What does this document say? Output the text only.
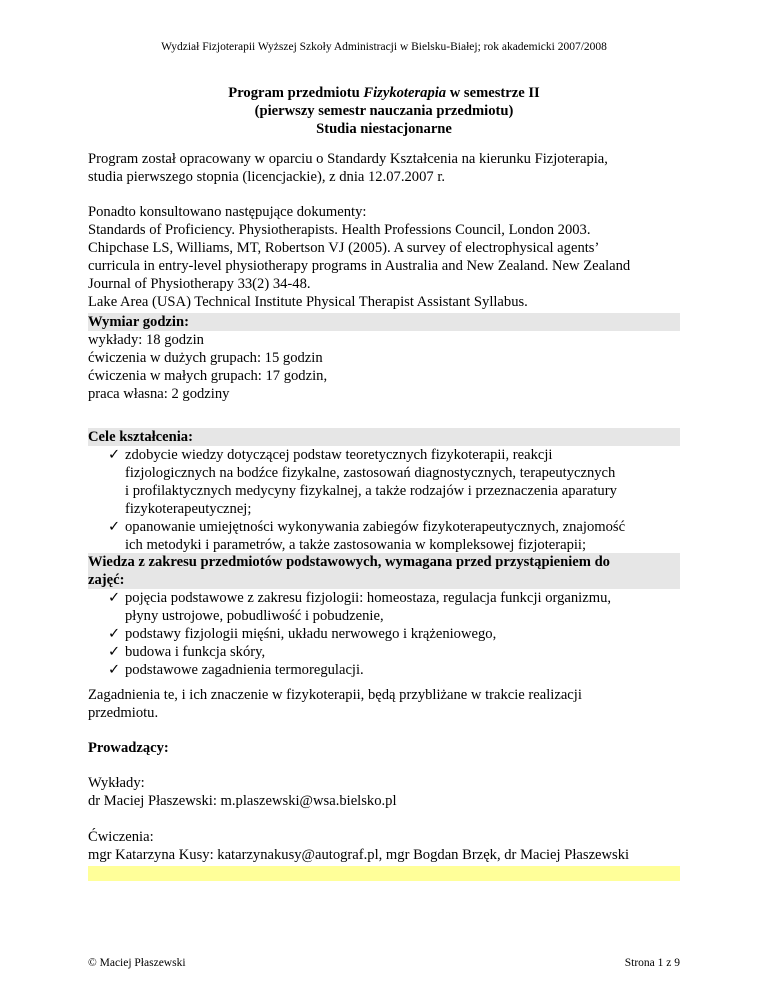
Wydział Fizjoterapii Wyższej Szkoły Administracji w Bielsku-Białej; rok akademicki 2007/2008
Program przedmiotu Fizykoterapia w semestrze II
(pierwszy semestr nauczania przedmiotu)
Studia niestacjonarne
Program został opracowany w oparciu o Standardy Kształcenia na kierunku Fizjoterapia,
studia pierwszego stopnia (licencjackie), z dnia 12.07.2007 r.
Ponadto konsultowano następujące dokumenty:
Standards of Proficiency. Physiotherapists. Health Professions Council, London 2003.
Chipchase LS, Williams, MT, Robertson VJ (2005). A survey of electrophysical agents’
curricula in entry-level physiotherapy programs in Australia and New Zealand. New Zealand
Journal of Physiotherapy 33(2) 34-48.
Lake Area (USA) Technical Institute Physical Therapist Assistant Syllabus.
Wymiar godzin:
wykłady: 18 godzin
ćwiczenia w dużych grupach: 15 godzin
ćwiczenia w małych grupach: 17 godzin,
praca własna: 2 godziny
Cele kształcenia:
✓ zdobycie wiedzy dotyczącej podstaw teoretycznych fizykoterapii, reakcji
fizjologicznych na bodźce fizykalne, zastosowań diagnostycznych, terapeutycznych
i profilaktycznych medycyny fizykalnej, a także rodzajów i przeznaczenia aparatury
fizykoterapeutycznej;
✓ opanowanie umiejętności wykonywania zabiegów fizykoterapeutycznych, znajomość
ich metodyki i parametrów, a także zastosowania w kompleksowej fizjoterapii;
Wiedza z zakresu przedmiotów podstawowych, wymagana przed przystąpieniem do
zajęć:
✓ pojęcia podstawowe z zakresu fizjologii: homeostaza, regulacja funkcji organizmu,
płyny ustrojowe, pobudliwość i pobudzenie,
✓ podstawy fizjologii mięśni, układu nerwowego i krążeniowego,
✓ budowa i funkcja skóry,
✓ podstawowe zagadnienia termoregulacji.
Zagadnienia te, i ich znaczenie w fizykoterapii, będą przybliżane w trakcie realizacji
przedmiotu.
Prowadzący:
Wykłady:
dr Maciej Płaszewski: m.plaszewski@wsa.bielsko.pl
Ćwiczenia:
mgr Katarzyna Kusy: katarzynakusy@autograf.pl, mgr Bogdan Brzęk, dr Maciej Płaszewski
© Maciej Płaszewski	Strona 1 z 9
